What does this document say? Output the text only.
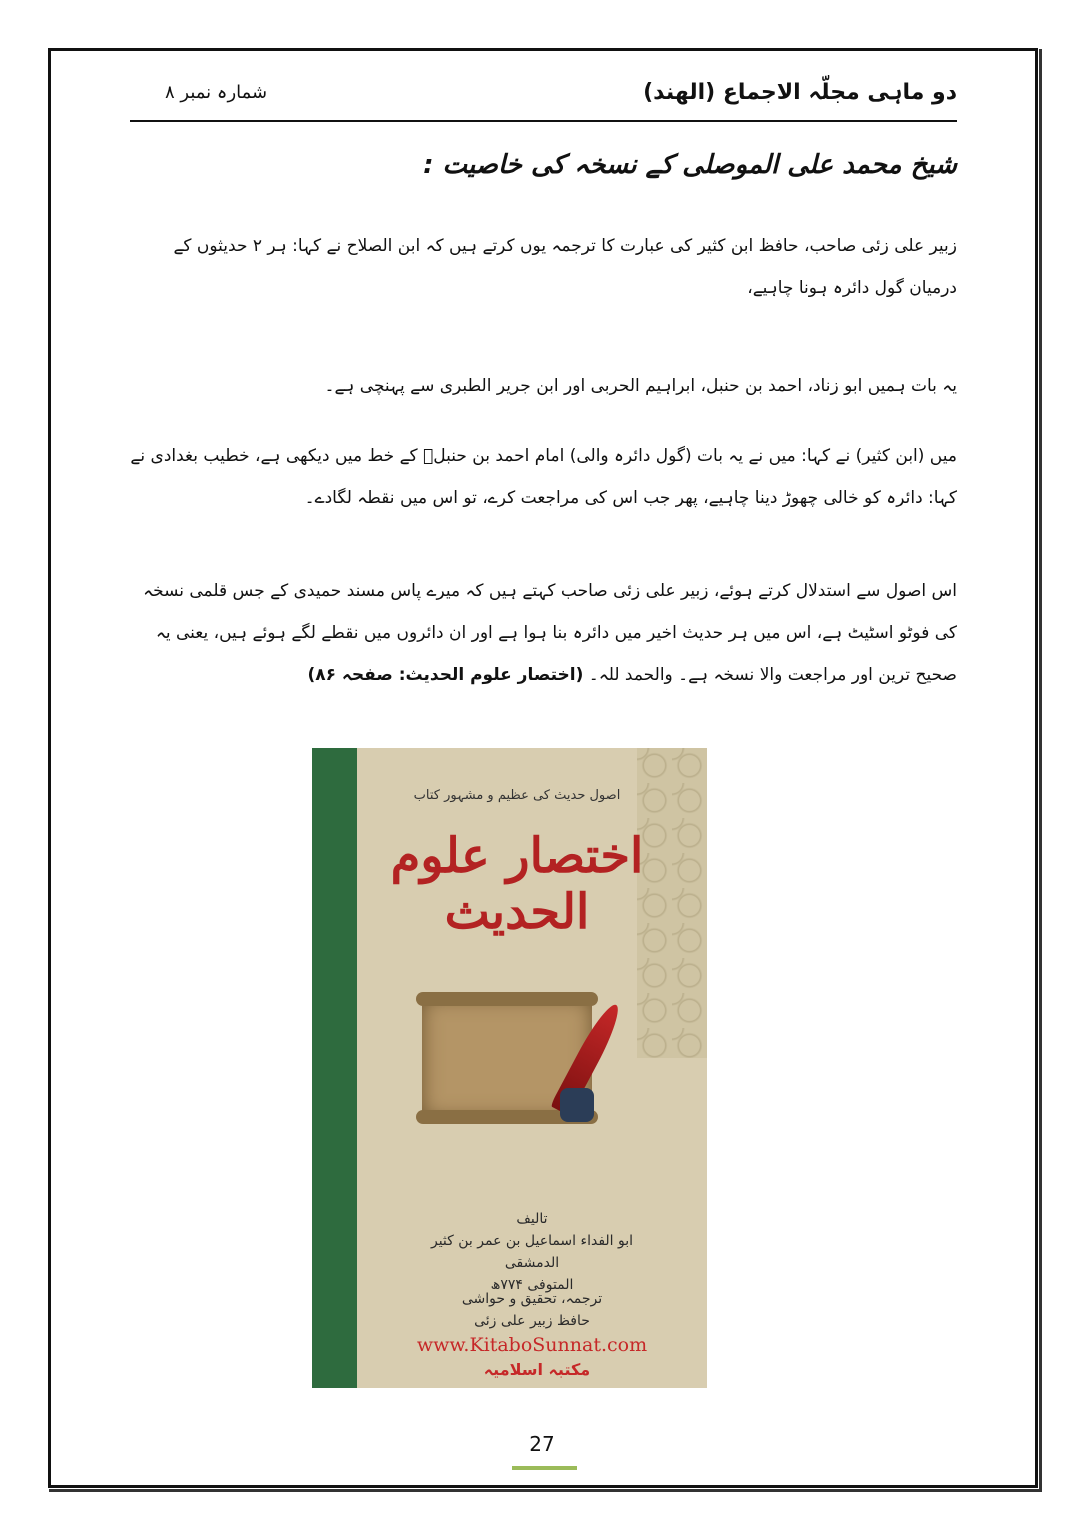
دو ماہی مجلّہ الاجماع (الھند)
شمارہ نمبر ۸
شیخ محمد علی الموصلی کے نسخہ کی خاصیت :
زبیر علی زئی صاحب، حافظ ابن کثیر کی عبارت کا ترجمہ یوں کرتے ہیں کہ ابن الصلاح نے کہا: ہر ۲ حدیثوں کے درمیان گول دائرہ ہونا چاہیے،
یہ بات ہمیں ابو زناد، احمد بن حنبل، ابراہیم الحربی اور ابن جریر الطبری سے پہنچی ہے۔
میں (ابن کثیر) نے کہا: میں نے یہ بات (گول دائرہ والی) امام احمد بن حنبلؒ کے خط میں دیکھی ہے، خطیب بغدادی نے کہا: دائرہ کو خالی چھوڑ دینا چاہیے، پھر جب اس کی مراجعت کرے، تو اس میں نقطہ لگادے۔
اس اصول سے استدلال کرتے ہوئے، زبیر علی زئی صاحب کہتے ہیں کہ میرے پاس مسند حمیدی کے جس قلمی نسخہ کی فوٹو اسٹیٹ ہے، اس میں ہر حدیث اخیر میں دائرہ بنا ہوا ہے اور ان دائروں میں نقطے لگے ہوئے ہیں، یعنی یہ صحیح ترین اور مراجعت والا نسخہ ہے۔ والحمد للہ۔ (اختصار علوم الحدیث: صفحہ ۸۶)
اصول حدیث کی عظیم و مشہور کتاب
اختصار علوم الحدیث
تالیف
ابو الفداء اسماعیل بن عمر بن کثیر الدمشقی
المتوفی ۷۷۴ھ
ترجمہ، تحقیق و حواشی
حافظ زبیر علی زئی
www.KitaboSunnat.com
مکتبہ اسلامیہ
27
